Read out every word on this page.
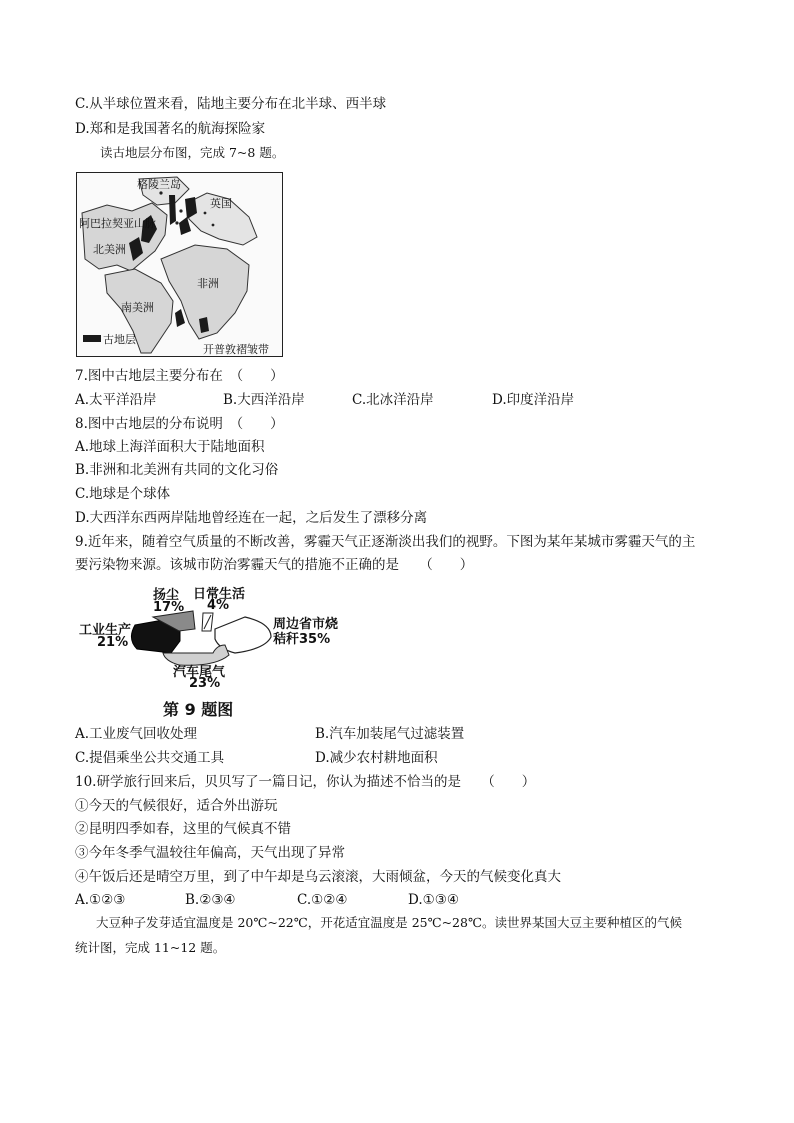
C.从半球位置来看，陆地主要分布在北半球、西半球
D.郑和是我国著名的航海探险家
读古地层分布图，完成 7~8 题。
格陵兰岛
英国
阿巴拉契亚山脉
北美洲
非洲
南美洲
古地层
开普敦褶皱带
7.图中古地层主要分布在　（　　）
A.太平洋沿岸	B.大西洋沿岸	C.北冰洋沿岸	D.印度洋沿岸
8.图中古地层的分布说明　（　　）
A.地球上海洋面积大于陆地面积
B.非洲和北美洲有共同的文化习俗
C.地球是个球体
D.大西洋东西两岸陆地曾经连在一起，之后发生了漂移分离
9.近年来，随着空气质量的不断改善，雾霾天气正逐渐淡出我们的视野。下图为某年某城市雾霾天气的主
要污染物来源。该城市防治雾霾天气的措施不正确的是　　（　　）
扬尘
17%
日常生活
4%
工业生产
21%
周边省市烧
秸秆35%
汽车尾气
23%
第 9 题图
A.工业废气回收处理	B.汽车加装尾气过滤装置
C.提倡乘坐公共交通工具	D.减少农村耕地面积
10.研学旅行回来后，贝贝写了一篇日记，你认为描述不恰当的是　　（　　）
①今天的气候很好，适合外出游玩
②昆明四季如春，这里的气候真不错
③今年冬季气温较往年偏高，天气出现了异常
④午饭后还是晴空万里，到了中午却是乌云滚滚，大雨倾盆，今天的气候变化真大
A.①②③	B.②③④	C.①②④	D.①③④
大豆种子发芽适宜温度是 20℃~22℃，开花适宜温度是 25℃~28℃。读世界某国大豆主要种植区的气候
统计图，完成 11~12 题。
